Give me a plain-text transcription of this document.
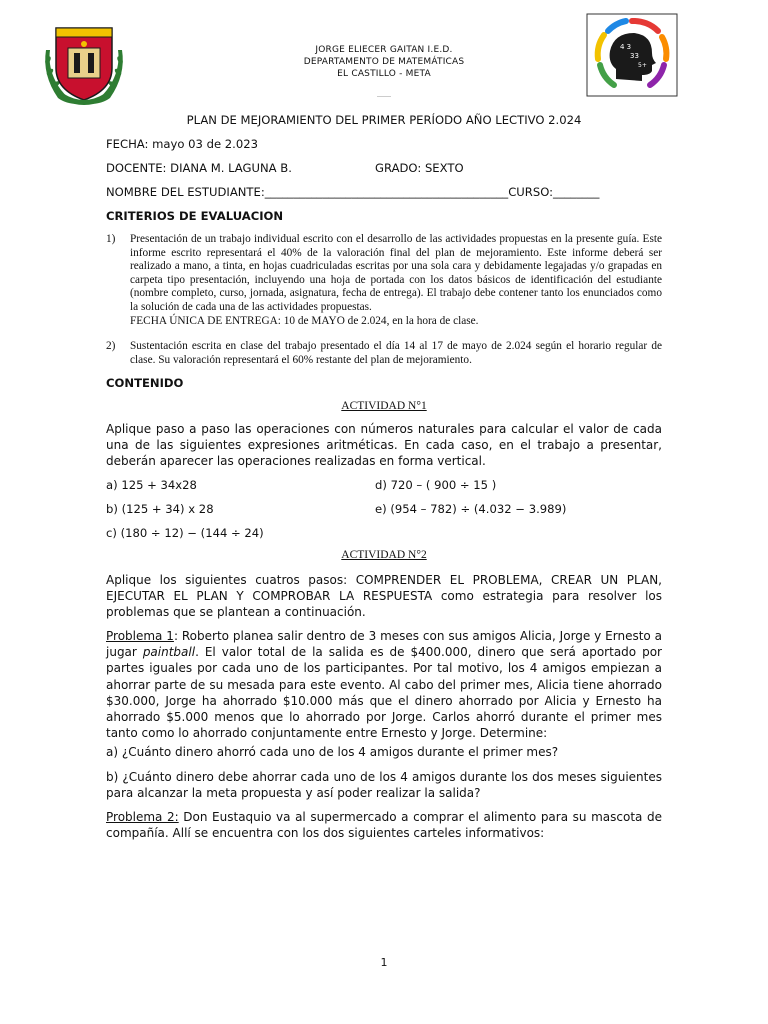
4 3
33
5+
JORGE ELIECER GAITAN I.E.D.
DEPARTAMENTO DE MATEMÁTICAS
EL CASTILLO - META
PLAN DE MEJORAMIENTO DEL PRIMER PERÍODO AÑO LECTIVO 2.024
FECHA: mayo 03 de 2.023
DOCENTE: DIANA M. LAGUNA B.	GRADO: SEXTO
NOMBRE DEL ESTUDIANTE:__________________________________________CURSO:________
CRITERIOS DE EVALUACION
1) Presentación de un trabajo individual escrito con el desarrollo de las actividades propuestas en la presente guía. Este informe escrito representará el 40% de la valoración final del plan de mejoramiento. Este informe deberá ser realizado a mano, a tinta, en hojas cuadriculadas escritas por una sola cara y debidamente legajadas y/o grapadas en carpeta tipo presentación, incluyendo una hoja de portada con los datos básicos de identificación del estudiante (nombre completo, curso, jornada, asignatura, fecha de entrega). El trabajo debe contener tanto los enunciados como la solución de cada una de las actividades propuestas.
FECHA ÚNICA DE ENTREGA: 10 de MAYO de 2.024, en la hora de clase.
2) Sustentación escrita en clase del trabajo presentado el día 14 al 17 de mayo de 2.024 según el horario regular de clase. Su valoración representará el 60% restante del plan de mejoramiento.
CONTENIDO
ACTIVIDAD N°1
Aplique paso a paso las operaciones con números naturales para calcular el valor de cada una de las siguientes expresiones aritméticas. En cada caso, en el trabajo a presentar, deberán aparecer las operaciones realizadas en forma vertical.
a) 125 + 34x28	d) 720 – ( 900 ÷ 15 )
b) (125 + 34) x 28	e) (954 – 782) ÷ (4.032 − 3.989)
c) (180 ÷ 12) − (144 ÷ 24)
ACTIVIDAD N°2
Aplique los siguientes cuatros pasos: COMPRENDER EL PROBLEMA, CREAR UN PLAN, EJECUTAR EL PLAN Y COMPROBAR LA RESPUESTA como estrategia para resolver los problemas que se plantean a continuación.
Problema 1: Roberto planea salir dentro de 3 meses con sus amigos Alicia, Jorge y Ernesto a jugar paintball. El valor total de la salida es de $400.000, dinero que será aportado por partes iguales por cada uno de los participantes. Por tal motivo, los 4 amigos empiezan a ahorrar parte de su mesada para este evento. Al cabo del primer mes, Alicia tiene ahorrado $30.000, Jorge ha ahorrado $10.000 más que el dinero ahorrado por Alicia y Ernesto ha ahorrado $5.000 menos que lo ahorrado por Jorge. Carlos ahorró durante el primer mes tanto como lo ahorrado conjuntamente entre Ernesto y Jorge. Determine:
a) ¿Cuánto dinero ahorró cada uno de los 4 amigos durante el primer mes?
b) ¿Cuánto dinero debe ahorrar cada uno de los 4 amigos durante los dos meses siguientes para alcanzar la meta propuesta y así poder realizar la salida?
Problema 2: Don Eustaquio va al supermercado a comprar el alimento para su mascota de compañía. Allí se encuentra con los dos siguientes carteles informativos:
1
